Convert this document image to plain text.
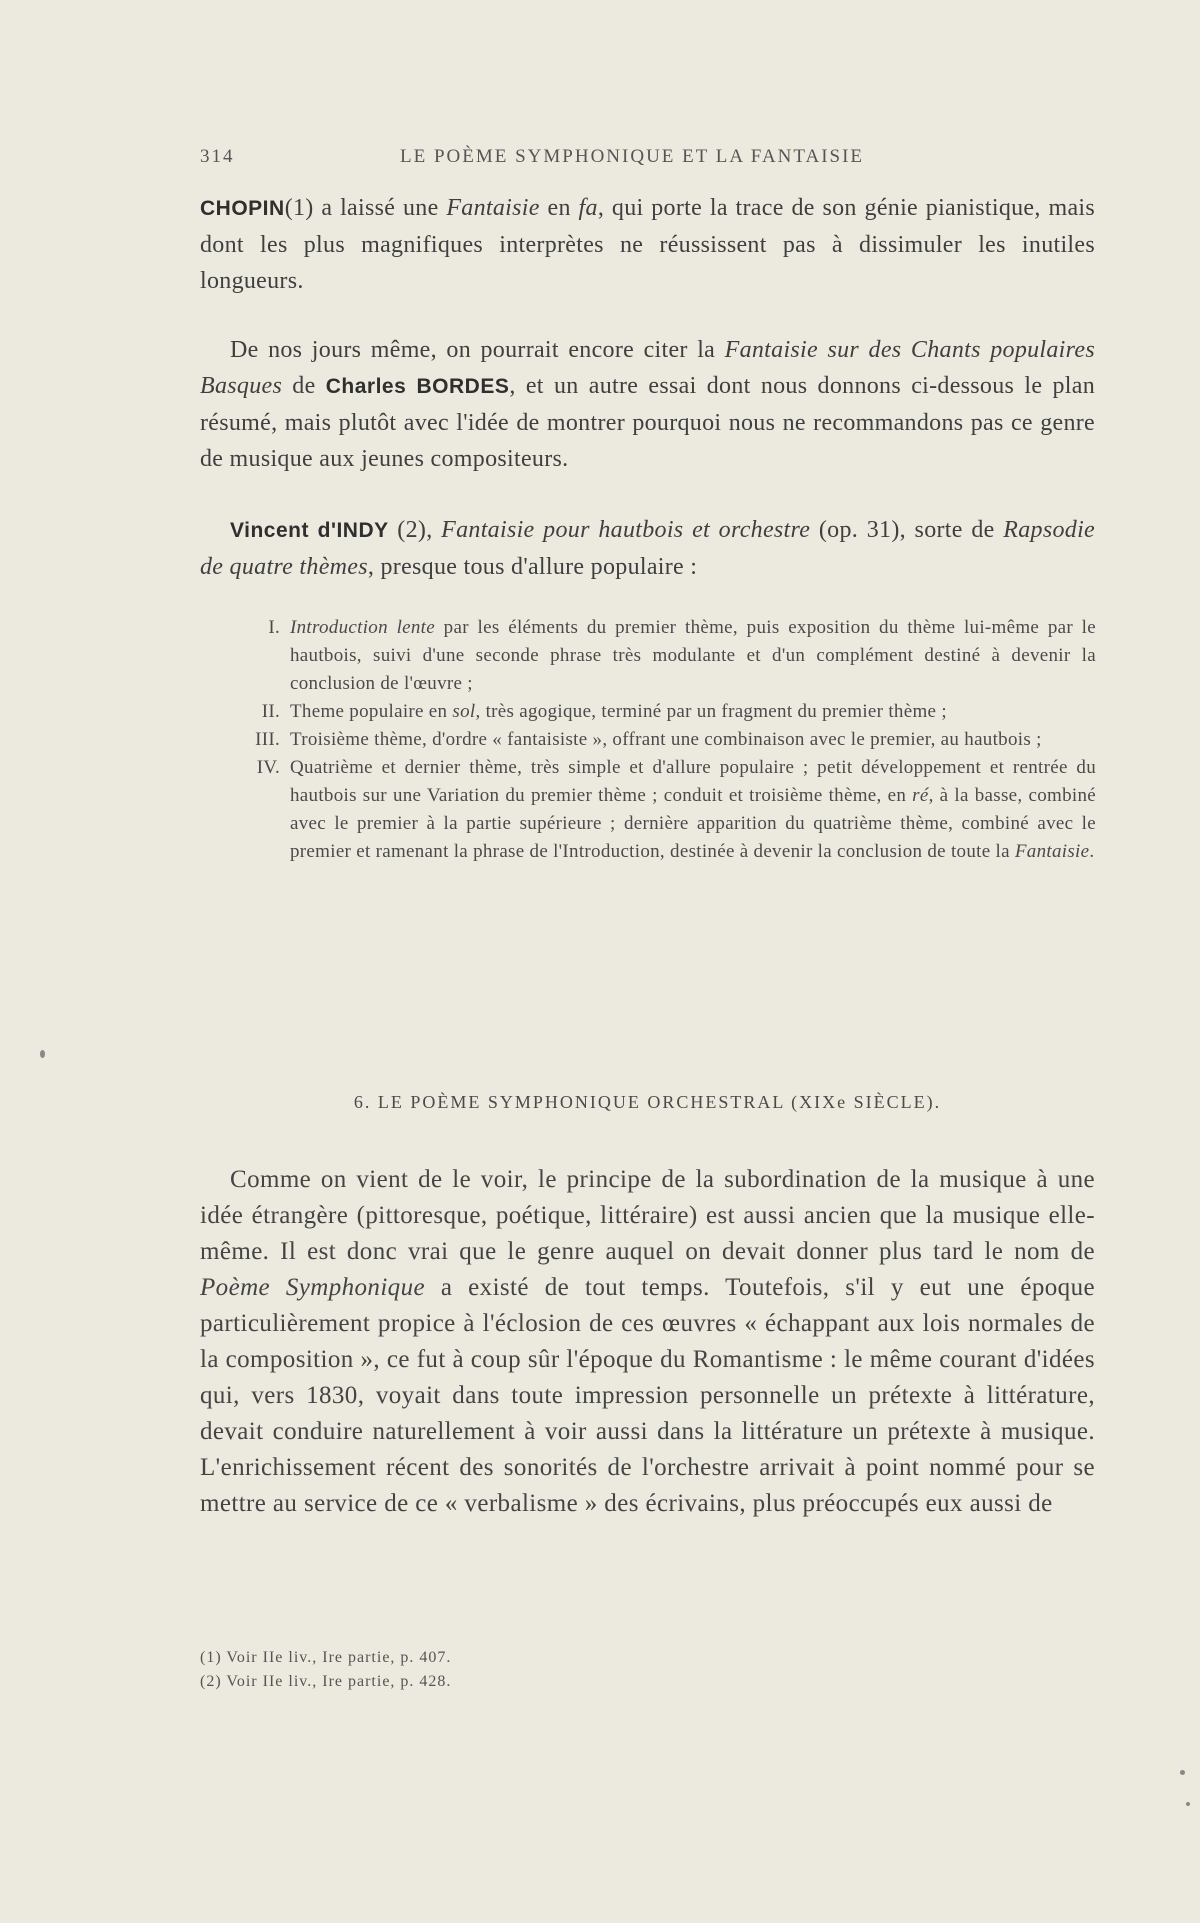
314	LE POÈME SYMPHONIQUE ET LA FANTAISIE

CHOPIN(1) a laissé une Fantaisie en fa, qui porte la trace de son génie pianistique, mais dont les plus magnifiques interprètes ne réussissent pas à dissimuler les inutiles longueurs.

De nos jours même, on pourrait encore citer la Fantaisie sur des Chants populaires Basques de Charles BORDES, et un autre essai dont nous donnons ci-dessous le plan résumé, mais plutôt avec l'idée de montrer pourquoi nous ne recommandons pas ce genre de musique aux jeunes compositeurs.

Vincent d'INDY (2), Fantaisie pour hautbois et orchestre (op. 31), sorte de Rapsodie de quatre thèmes, presque tous d'allure populaire :

I. Introduction lente par les éléments du premier thème, puis exposition du thème lui-même par le hautbois, suivi d'une seconde phrase très modulante et d'un complément destiné à devenir la conclusion de l'œuvre ;
II. Theme populaire en sol, très agogique, terminé par un fragment du premier thème ;
III. Troisième thème, d'ordre « fantaisiste », offrant une combinaison avec le premier, au hautbois ;
IV. Quatrième et dernier thème, très simple et d'allure populaire ; petit développement et rentrée du hautbois sur une Variation du premier thème ; conduit et troisième thème, en ré, à la basse, combiné avec le premier à la partie supérieure ; dernière apparition du quatrième thème, combiné avec le premier et ramenant la phrase de l'Introduction, destinée à devenir la conclusion de toute la Fantaisie.
6. LE POÈME SYMPHONIQUE ORCHESTRAL (XIXe SIÈCLE).

Comme on vient de le voir, le principe de la subordination de la musique à une idée étrangère (pittoresque, poétique, littéraire) est aussi ancien que la musique elle-même. Il est donc vrai que le genre auquel on devait donner plus tard le nom de Poème Symphonique a existé de tout temps. Toutefois, s'il y eut une époque particulièrement propice à l'éclosion de ces œuvres « échappant aux lois normales de la composition », ce fut à coup sûr l'époque du Romantisme : le même courant d'idées qui, vers 1830, voyait dans toute impression personnelle un prétexte à littérature, devait conduire naturellement à voir aussi dans la littérature un prétexte à musique. L'enrichissement récent des sonorités de l'orchestre arrivait à point nommé pour se mettre au service de ce « verbalisme » des écrivains, plus préoccupés eux aussi de

(1) Voir IIe liv., Ire partie, p. 407.
(2) Voir IIe liv., Ire partie, p. 428.
